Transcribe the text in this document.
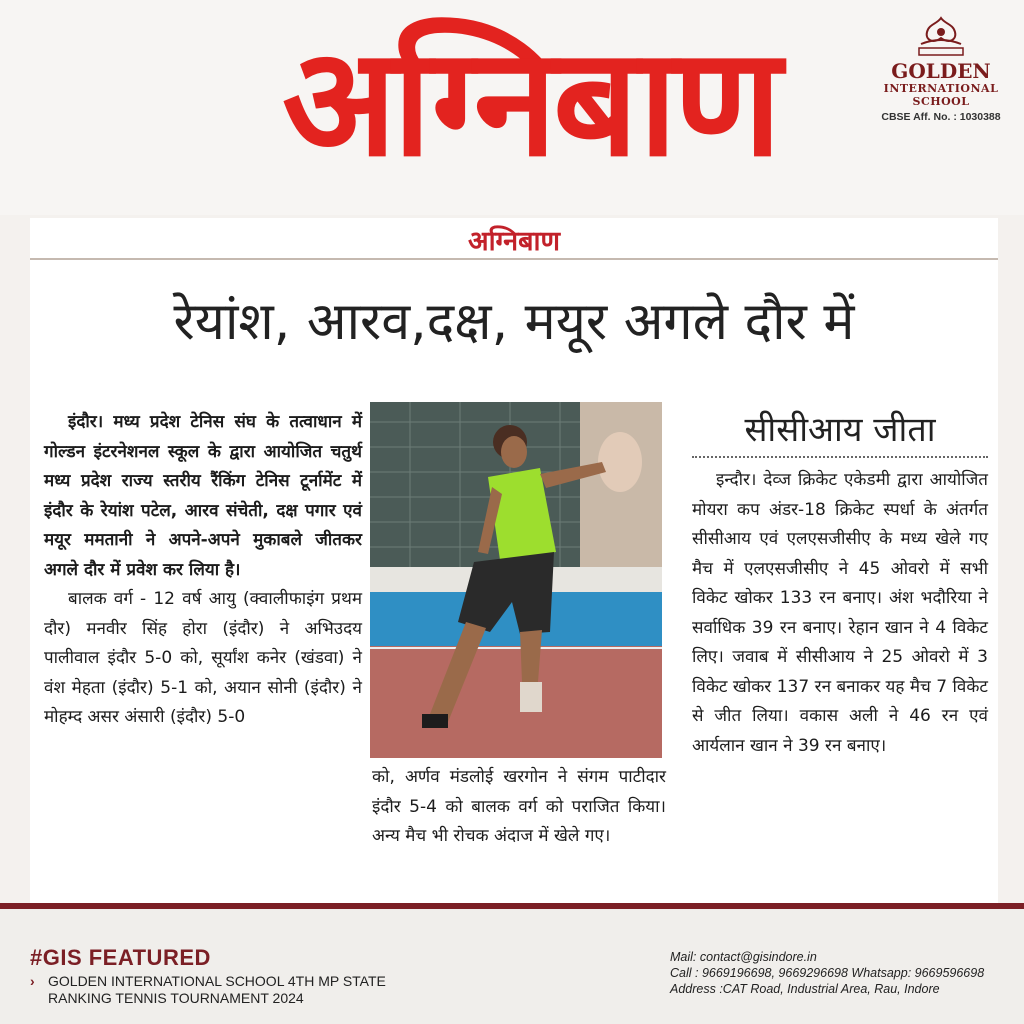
अग्निबाण	GOLDEN
INTERNATIONAL
SCHOOL
CBSE Aff. No. : 1030388
अग्निबाण
रेयांश, आरव,दक्ष, मयूर अगले दौर में

इंदौर। मध्य प्रदेश टेनिस संघ के तत्वाधान में गोल्डन इंटरनेशनल स्कूल के द्वारा आयोजित चतुर्थ मध्य प्रदेश राज्य स्तरीय रैंकिंग टेनिस टूर्नामेंट में इंदौर के रेयांश पटेल, आरव संचेती, दक्ष पगार एवं मयूर ममतानी ने अपने-अपने मुकाबले जीतकर अगले दौर में प्रवेश कर लिया है।

बालक वर्ग - 12 वर्ष आयु (क्वालीफाइंग प्रथम दौर) मनवीर सिंह होरा (इंदौर) ने अभिउदय पालीवाल इंदौर 5-0 को, सूर्यांश कनेर (खंडवा) ने वंश मेहता (इंदौर) 5-1 को, अयान सोनी (इंदौर) ने मोहम्द असर अंसारी (इंदौर) 5-0

को, अर्णव मंडलोई खरगोन ने संगम पाटीदार इंदौर 5-4 को बालक वर्ग को पराजित किया। अन्य मैच भी रोचक अंदाज में खेले गए।

सीसीआय जीता

इन्दौर। देव्ज क्रिकेट एकेडमी द्वारा आयोजित मोयरा कप अंडर-18 क्रिकेट स्पर्धा के अंतर्गत सीसीआय एवं एलएसजीसीए के मध्य खेले गए मैच में एलएसजीसीए ने 45 ओवरो में सभी विकेट खोकर 133 रन बनाए। अंश भदौरिया ने सर्वाधिक 39 रन बनाए। रेहान खान ने 4 विकेट लिए। जवाब में सीसीआय ने 25 ओवरो में 3 विकेट खोकर 137 रन बनाकर यह मैच 7 विकेट से जीत लिया। वकास अली ने 46 रन एवं आर्यलान खान ने 39 रन बनाए।

#GIS FEATURED
› GOLDEN INTERNATIONAL SCHOOL 4TH MP STATE RANKING TENNIS TOURNAMENT 2024
Mail: contact@gisindore.in
Call : 9669196698, 9669296698 Whatsapp: 9669596698
Address :CAT Road, Industrial Area, Rau, Indore
